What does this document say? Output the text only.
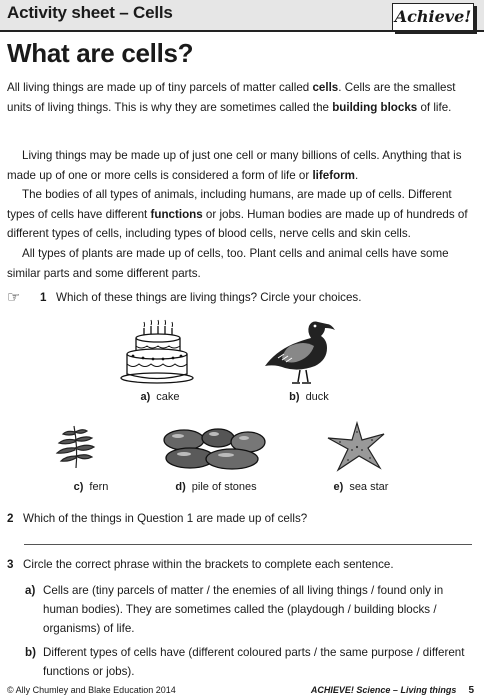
Activity sheet – Cells	Achieve!
What are cells?

All living things are made up of tiny parcels of matter called cells. Cells are the smallest units of living things. This is why they are sometimes called the building blocks of life.

Living things may be made up of just one cell or many billions of cells. Anything that is made up of one or more cells is considered a form of life or lifeform.

The bodies of all types of animals, including humans, are made up of cells. Different types of cells have different functions or jobs. Human bodies are made up of hundreds of different types of cells, including types of blood cells, nerve cells and skin cells.

All types of plants are made up of cells, too. Plant cells and animal cells have some similar parts and some different parts.

☞ 1 Which of these things are living things? Circle your choices.
a) cake	b) duck
c) fern	d) pile of stones	e) sea star
2 Which of the things in Question 1 are made up of cells?
3 Circle the correct phrase within the brackets to complete each sentence.
a) Cells are (tiny parcels of matter / the enemies of all living things / found only in human bodies). They are sometimes called the (playdough / building blocks / organisms) of life.
b) Different types of cells have (different coloured parts / the same purpose / different functions or jobs).
© Ally Chumley and Blake Education 2014	ACHIEVE! Science – Living things 5
